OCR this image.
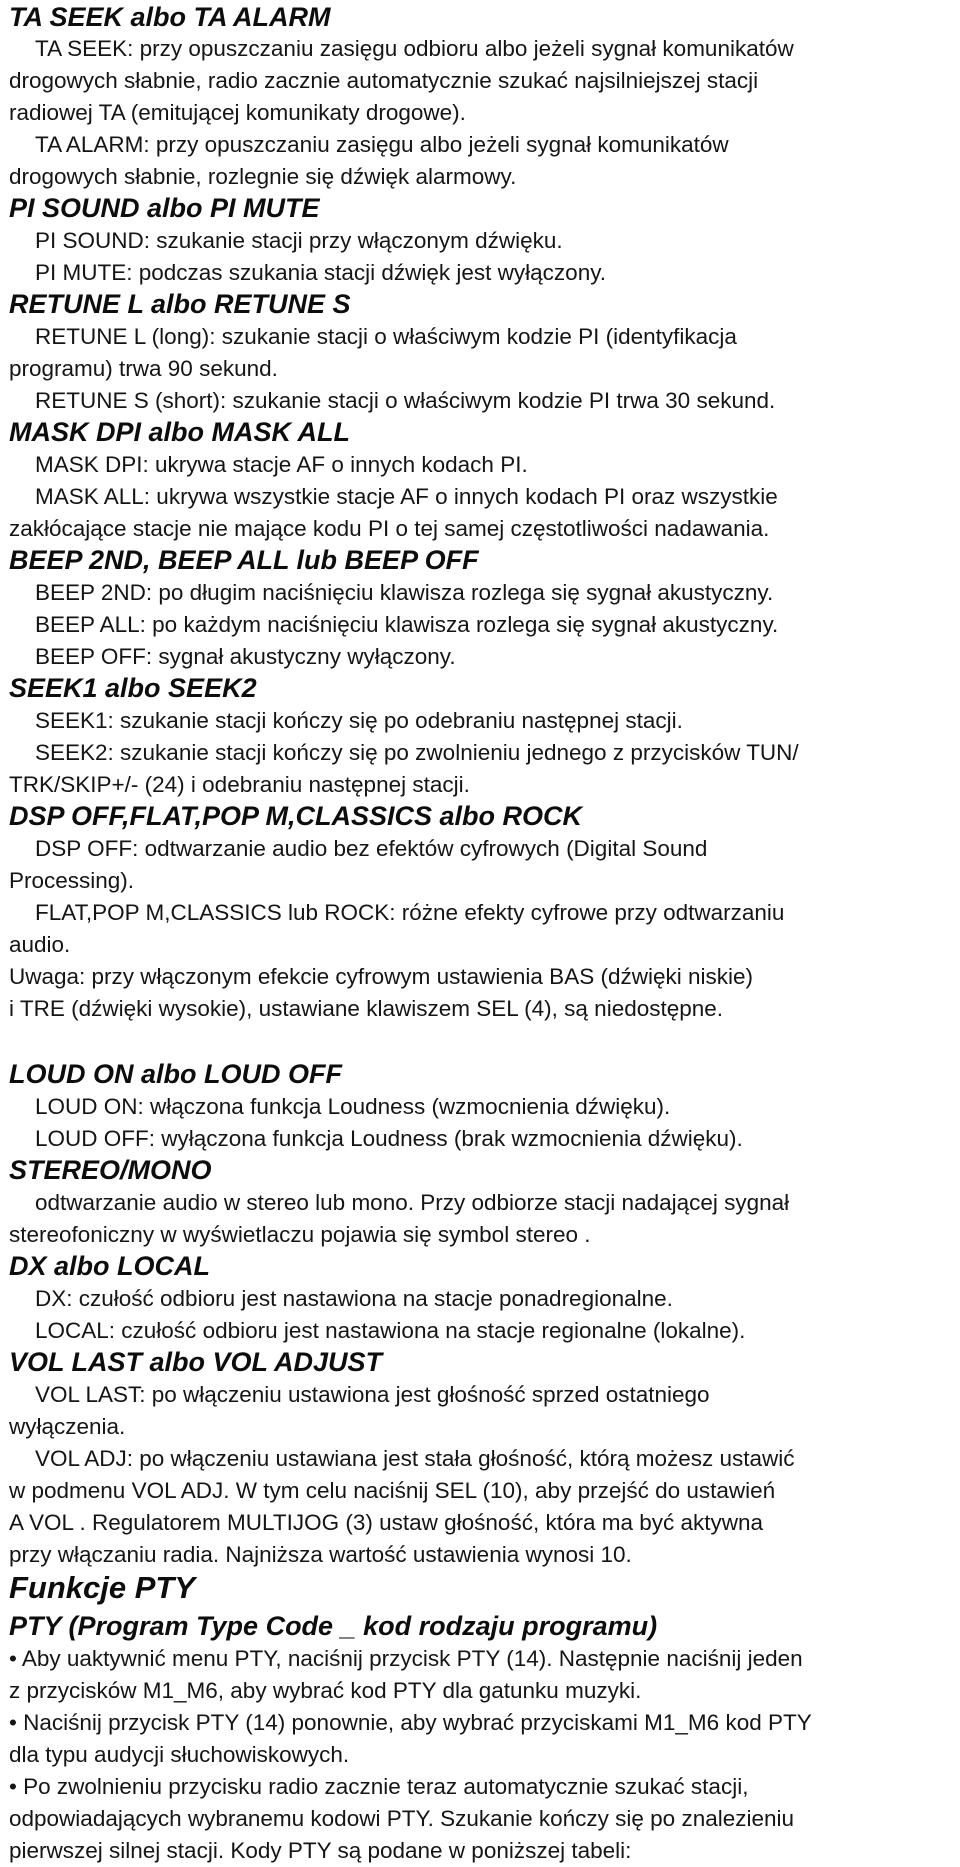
TA SEEK albo TA ALARM
TA SEEK: przy opuszczaniu zasięgu odbioru albo jeżeli sygnał komunikatów
drogowych słabnie, radio zacznie automatycznie szukać najsilniejszej stacji
radiowej TA (emitującej komunikaty drogowe).
TA ALARM: przy opuszczaniu zasięgu albo jeżeli sygnał komunikatów
drogowych słabnie, rozlegnie się dźwięk alarmowy.
PI SOUND albo PI MUTE
PI SOUND: szukanie stacji przy włączonym dźwięku.
PI MUTE: podczas szukania stacji dźwięk jest wyłączony.
RETUNE L albo RETUNE S
RETUNE L (long): szukanie stacji o właściwym kodzie PI (identyfikacja
programu) trwa 90 sekund.
RETUNE S (short): szukanie stacji o właściwym kodzie PI trwa 30 sekund.
MASK DPI albo MASK ALL
MASK DPI: ukrywa stacje AF o innych kodach PI.
MASK ALL: ukrywa wszystkie stacje AF o innych kodach PI oraz wszystkie
zakłócające stacje nie mające kodu PI o tej samej częstotliwości nadawania.
BEEP 2ND, BEEP ALL lub BEEP OFF
BEEP 2ND: po długim naciśnięciu klawisza rozlega się sygnał akustyczny.
BEEP ALL: po każdym naciśnięciu klawisza rozlega się sygnał akustyczny.
BEEP OFF: sygnał akustyczny wyłączony.
SEEK1 albo SEEK2
SEEK1: szukanie stacji kończy się po odebraniu następnej stacji.
SEEK2: szukanie stacji kończy się po zwolnieniu jednego z przycisków TUN/
TRK/SKIP+/- (24) i odebraniu następnej stacji.
DSP OFF,FLAT,POP M,CLASSICS albo ROCK
DSP OFF: odtwarzanie audio bez efektów cyfrowych (Digital Sound
Processing).
FLAT,POP M,CLASSICS lub ROCK: różne efekty cyfrowe przy odtwarzaniu
audio.
Uwaga: przy włączonym efekcie cyfrowym ustawienia BAS (dźwięki niskie)
i TRE (dźwięki wysokie), ustawiane klawiszem SEL (4), są niedostępne.
LOUD ON albo LOUD OFF
LOUD ON: włączona funkcja Loudness (wzmocnienia dźwięku).
LOUD OFF: wyłączona funkcja Loudness (brak wzmocnienia dźwięku).
STEREO/MONO
odtwarzanie audio w stereo lub mono. Przy odbiorze stacji nadającej sygnał
stereofoniczny w wyświetlaczu pojawia się symbol stereo .
DX albo LOCAL
DX: czułość odbioru jest nastawiona na stacje ponadregionalne.
LOCAL: czułość odbioru jest nastawiona na stacje regionalne (lokalne).
VOL LAST albo VOL ADJUST
VOL LAST: po włączeniu ustawiona jest głośność sprzed ostatniego
wyłączenia.
VOL ADJ: po włączeniu ustawiana jest stała głośność, którą możesz ustawić
w podmenu VOL ADJ. W tym celu naciśnij SEL (10), aby przejść do ustawień
A VOL . Regulatorem MULTIJOG (3) ustaw głośność, która ma być aktywna
przy włączaniu radia. Najniższa wartość ustawienia wynosi 10.
Funkcje PTY
PTY (Program Type Code _ kod rodzaju programu)
• Aby uaktywnić menu PTY, naciśnij przycisk PTY (14). Następnie naciśnij jeden
z przycisków M1_M6, aby wybrać kod PTY dla gatunku muzyki.
• Naciśnij przycisk PTY (14) ponownie, aby wybrać przyciskami M1_M6 kod PTY
dla typu audycji słuchowiskowych.
• Po zwolnieniu przycisku radio zacznie teraz automatycznie szukać stacji,
odpowiadających wybranemu kodowi PTY. Szukanie kończy się po znalezieniu
pierwszej silnej stacji. Kody PTY są podane w poniższej tabeli:
